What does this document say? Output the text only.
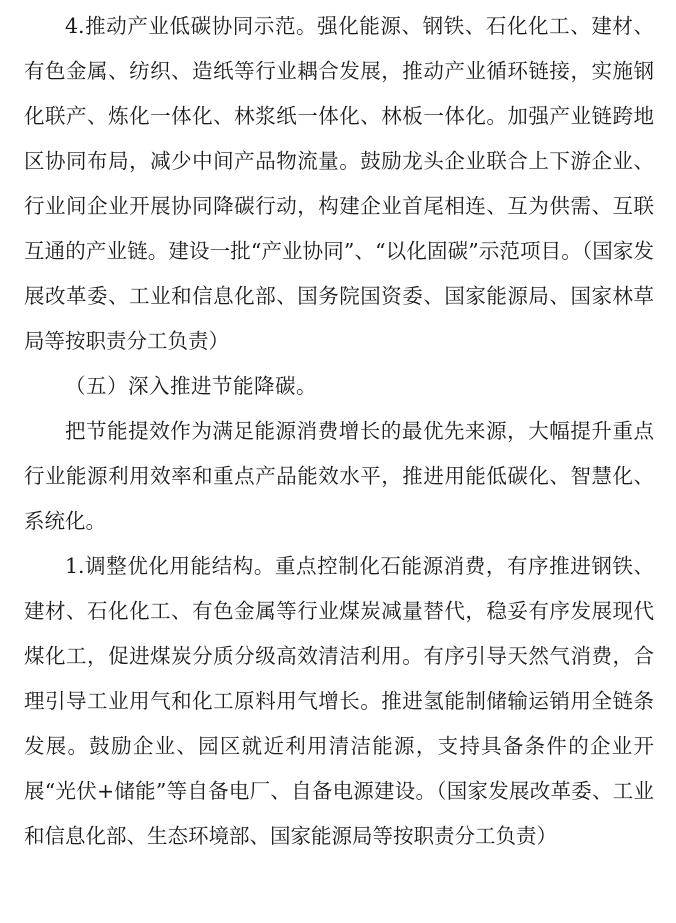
4.推动产业低碳协同示范。强化能源、钢铁、石化化工、建材、有色金属、纺织、造纸等行业耦合发展，推动产业循环链接，实施钢化联产、炼化一体化、林浆纸一体化、林板一体化。加强产业链跨地区协同布局，减少中间产品物流量。鼓励龙头企业联合上下游企业、行业间企业开展协同降碳行动，构建企业首尾相连、互为供需、互联互通的产业链。建设一批“产业协同”、“以化固碳”示范项目。（国家发展改革委、工业和信息化部、国务院国资委、国家能源局、国家林草局等按职责分工负责）

（五）深入推进节能降碳。

把节能提效作为满足能源消费增长的最优先来源，大幅提升重点行业能源利用效率和重点产品能效水平，推进用能低碳化、智慧化、系统化。

1.调整优化用能结构。重点控制化石能源消费，有序推进钢铁、建材、石化化工、有色金属等行业煤炭减量替代，稳妥有序发展现代煤化工，促进煤炭分质分级高效清洁利用。有序引导天然气消费，合理引导工业用气和化工原料用气增长。推进氢能制储输运销用全链条发展。鼓励企业、园区就近利用清洁能源，支持具备条件的企业开展“光伏+储能”等自备电厂、自备电源建设。（国家发展改革委、工业和信息化部、生态环境部、国家能源局等按职责分工负责）
